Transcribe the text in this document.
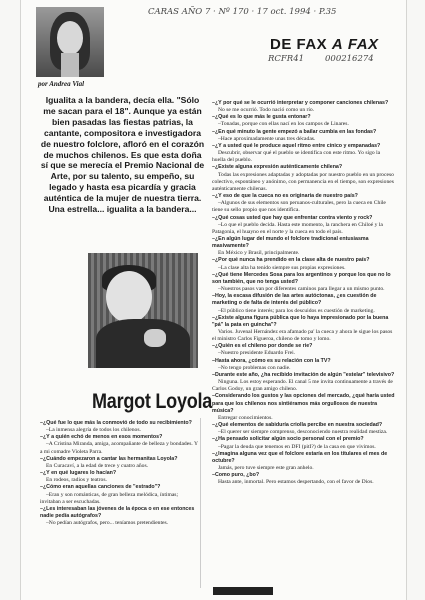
CARAS AÑO 7 · Nº 170 · 17 oct. 1994 · P.35
RCFR41 000216274
por Andrea Vial
DE FAX A FAX
Igualita a la bandera, decía ella. "Sólo me sacan para el 18". Aunque ya están bien pasadas las fiestas patrias, la cantante, compositora e investigadora de nuestro folclore, afloró en el corazón de muchos chilenos. Es que esta doña sí que se merecía el Premio Nacional de Arte, por su talento, su empeño, su legado y hasta esa picardía y gracia auténtica de la mujer de nuestra tierra. Una estrella... igualita a la bandera...
Margot Loyola

–¿Y por qué se le ocurrió interpretar y componer canciones chilenas?

No se me ocurrió. Todo nació como un río.

–¿Qué es lo que más le gusta entonar?

–Tonadas, porque con ellas nací en los campos de Linares.

–¿En qué minuto la gente empezó a bailar cumbia en las fondas?

–Hace aproximadamente unas tres décadas.

–¿Y a usted qué le produce aquel ritmo entre cínico y empanadas?

Descubrir, observar qué el pueblo se identifica con este ritmo. Yo sigo la huella del pueblo.

–¿Existe alguna expresión auténticamente chilena?

Todas las expresiones adaptadas y adoptadas por nuestro pueblo en un proceso colectivo, espontáneo y anónimo, con permanencia en el tiempo, son expresiones auténticamente chilenas.

–¿Y eso de que la cueca no es originaria de nuestro país?

–Algunos de sus elementos son peruanos-culturales, pero la cueca en Chile tiene su sello propio que nos identifica.

–¿Qué cosas usted que hay que enfrentar contra viento y rock?

–Lo que el pueblo decida. Hasta este momento, la ranchera en Chiloé y la Patagonia, el huayno en el norte y la cueca en todo el país.

–¿En algún lugar del mundo el folclore tradicional entusiasma masivamente?

En México y Brasil, principalmente.

–¿Por qué nunca ha prendido en la clase alta de nuestro país?

–La clase alta ha tenido siempre sus propias expresiones.

–¿Qué tiene Mercedes Sosa para los argentinos y porque los que no lo son también, que no tenga usted?

–Nuestros pasos van por diferentes caminos para llegar a un mismo punto.

–Hoy, la escasa difusión de las artes autóctonas, ¿es cuestión de marketing o de falta de interés del público?

–El público tiene interés; para los descuidos es cuestión de marketing.

–¿Existe alguna figura pública que lo haya impresionado por la buena "pá" la pata en guincha"?

Varios. Juvenal Hernández era afamado pa' la cueca y ahora le sigue los pasos el ministro Carlos Figueroa, chileno de tomo y lomo.

–¿Quién es el chileno por donde se rie?

–Nuestro presidente Eduardo Frei.

–Hasta ahora, ¿cómo es su relación con la TV?

–No tengo problemas con nadie.

–Durante este año, ¿ha recibido invitación de algún "estelar" televisivo?

Ninguna. Los estoy esperando. El canal 5 me invita continuamente a través de Carlos Godoy, un gran amigo chileno.

–Considerando los gustos y las opciones del mercado, ¿qué haría usted para que los chilenos nos sintiéramos más orgullosos de nuestra música?

Entregar conocimientos.

–¿Qué elementos de sabiduría criolla percibe en nuestra sociedad?

–El querer ser siempre comprenso, desconociendo nuestra realidad mestiza.

–¿Ha pensado solicitar algún socio personal con el premio?

–Pagar la deuda que tenemos en DFI (pitI?) de la casa en que vivimos.

–¿Imagina alguna vez que el folclore estaría en los titulares el mes de octubre?

Jamás, pero tuve siempre este gran anhelo.

–Como puro, ¿bo?

Hasta ante, inmortal. Pero estamos despertando, con el favor de Dios.

–¿Qué fue lo que más la conmovió de todo su recibimiento?

–La inmensa alegría de todos los chilenos.

–¿Y a quién echó de menos en esos momentos?

–A Cristina Miranda, amiga, acompañante de belleza y bondades. Y a mi comadre Violeta Parra.

–¿Cuándo empezaron a cantar las hermanitas Loyola?

En Curacaví, a la edad de trece y cuatro años.

–¿Y en qué lugares lo hacían?

En rodeos, radios y teatros.

–¿Cómo eran aquellas canciones de "estrado"?

–Eran y son románticas, de gran belleza melódica, íntimas; invitaban a ser escuchadas.

–¿Les interesaban las jóvenes de la época o en ese entonces nadie pedía autógrafos?

–No pedían autógrafos, pero... teníamos pretendientes.
